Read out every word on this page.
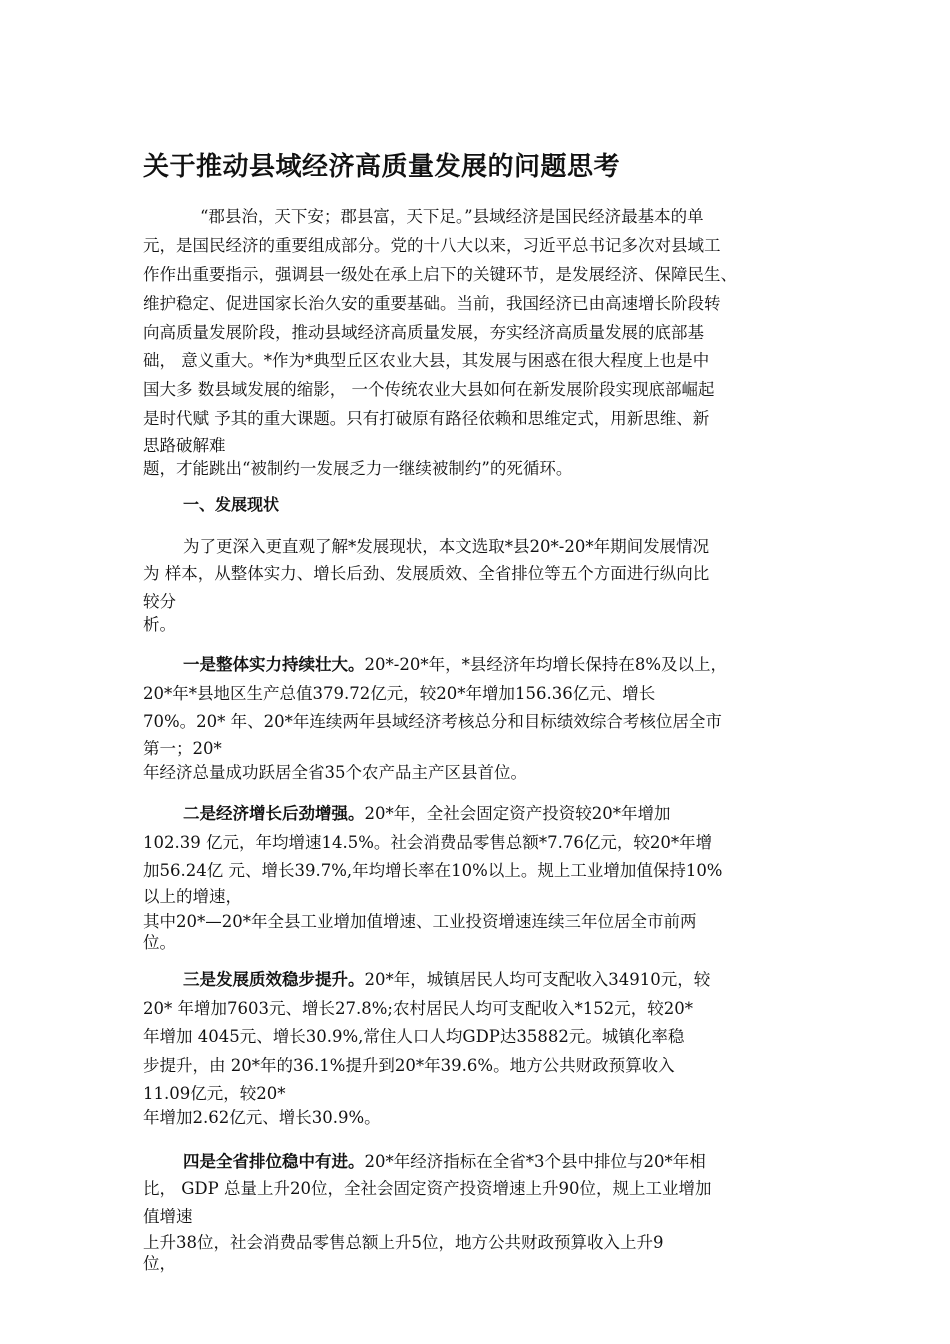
关于推动县域经济高质量发展的问题思考
“郡县治，天下安；郡县富，天下足。”县域经济是国民经济最基本的单
元，是国民经济的重要组成部分。党的十八大以来，习近平总书记多次对县域工
作作出重要指示，强调县一级处在承上启下的关键环节，是发展经济、保障民生、
维护稳定、促进国家长治久安的重要基础。当前，我国经济已由高速增长阶段转
向高质量发展阶段，推动县域经济高质量发展，夯实经济高质量发展的底部基
础， 意义重大。*作为*典型丘区农业大县，其发展与困惑在很大程度上也是中
国大多 数县域发展的缩影， 一个传统农业大县如何在新发展阶段实现底部崛起
是时代赋 予其的重大课题。只有打破原有路径依赖和思维定式，用新思维、新
思路破解难
题，才能跳出“被制约一发展乏力一继续被制约”的死循环。
一、发展现状
为了更深入更直观了解*发展现状，本文选取*县20*-20*年期间发展情况
为 样本，从整体实力、增长后劲、发展质效、全省排位等五个方面进行纵向比
较分
析。
一是整体实力持续壮大。20*-20*年，*县经济年均增长保持在8%及以上，
20*年*县地区生产总值379.72亿元，较20*年增加156.36亿元、增长
70%。20* 年、20*年连续两年县域经济考核总分和目标绩效综合考核位居全市
第一；20*
年经济总量成功跃居全省35个农产品主产区县首位。
二是经济增长后劲增强。20*年，全社会固定资产投资较20*年增加
102.39 亿元，年均增速14.5%。社会消费品零售总额*7.76亿元，较20*年增
加56.24亿 元、增长39.7%,年均增长率在10%以上。规上工业增加值保持10%
以上的增速，
其中20*—20*年全县工业增加值增速、工业投资增速连续三年位居全市前两
位。
三是发展质效稳步提升。20*年，城镇居民人均可支配收入34910元，较
20* 年增加7603元、增长27.8%;农村居民人均可支配收入*152元，较20*
年增加 4045元、增长30.9%,常住人口人均GDP达35882元。城镇化率稳
步提升，由 20*年的36.1%提升到20*年39.6%。地方公共财政预算收入
11.09亿元，较20*
年增加2.62亿元、增长30.9%。
四是全省排位稳中有进。20*年经济指标在全省*3个县中排位与20*年相
比， GDP 总量上升20位，全社会固定资产投资增速上升90位，规上工业增加
值增速
上升38位，社会消费品零售总额上升5位，地方公共财政预算收入上升9
位，
